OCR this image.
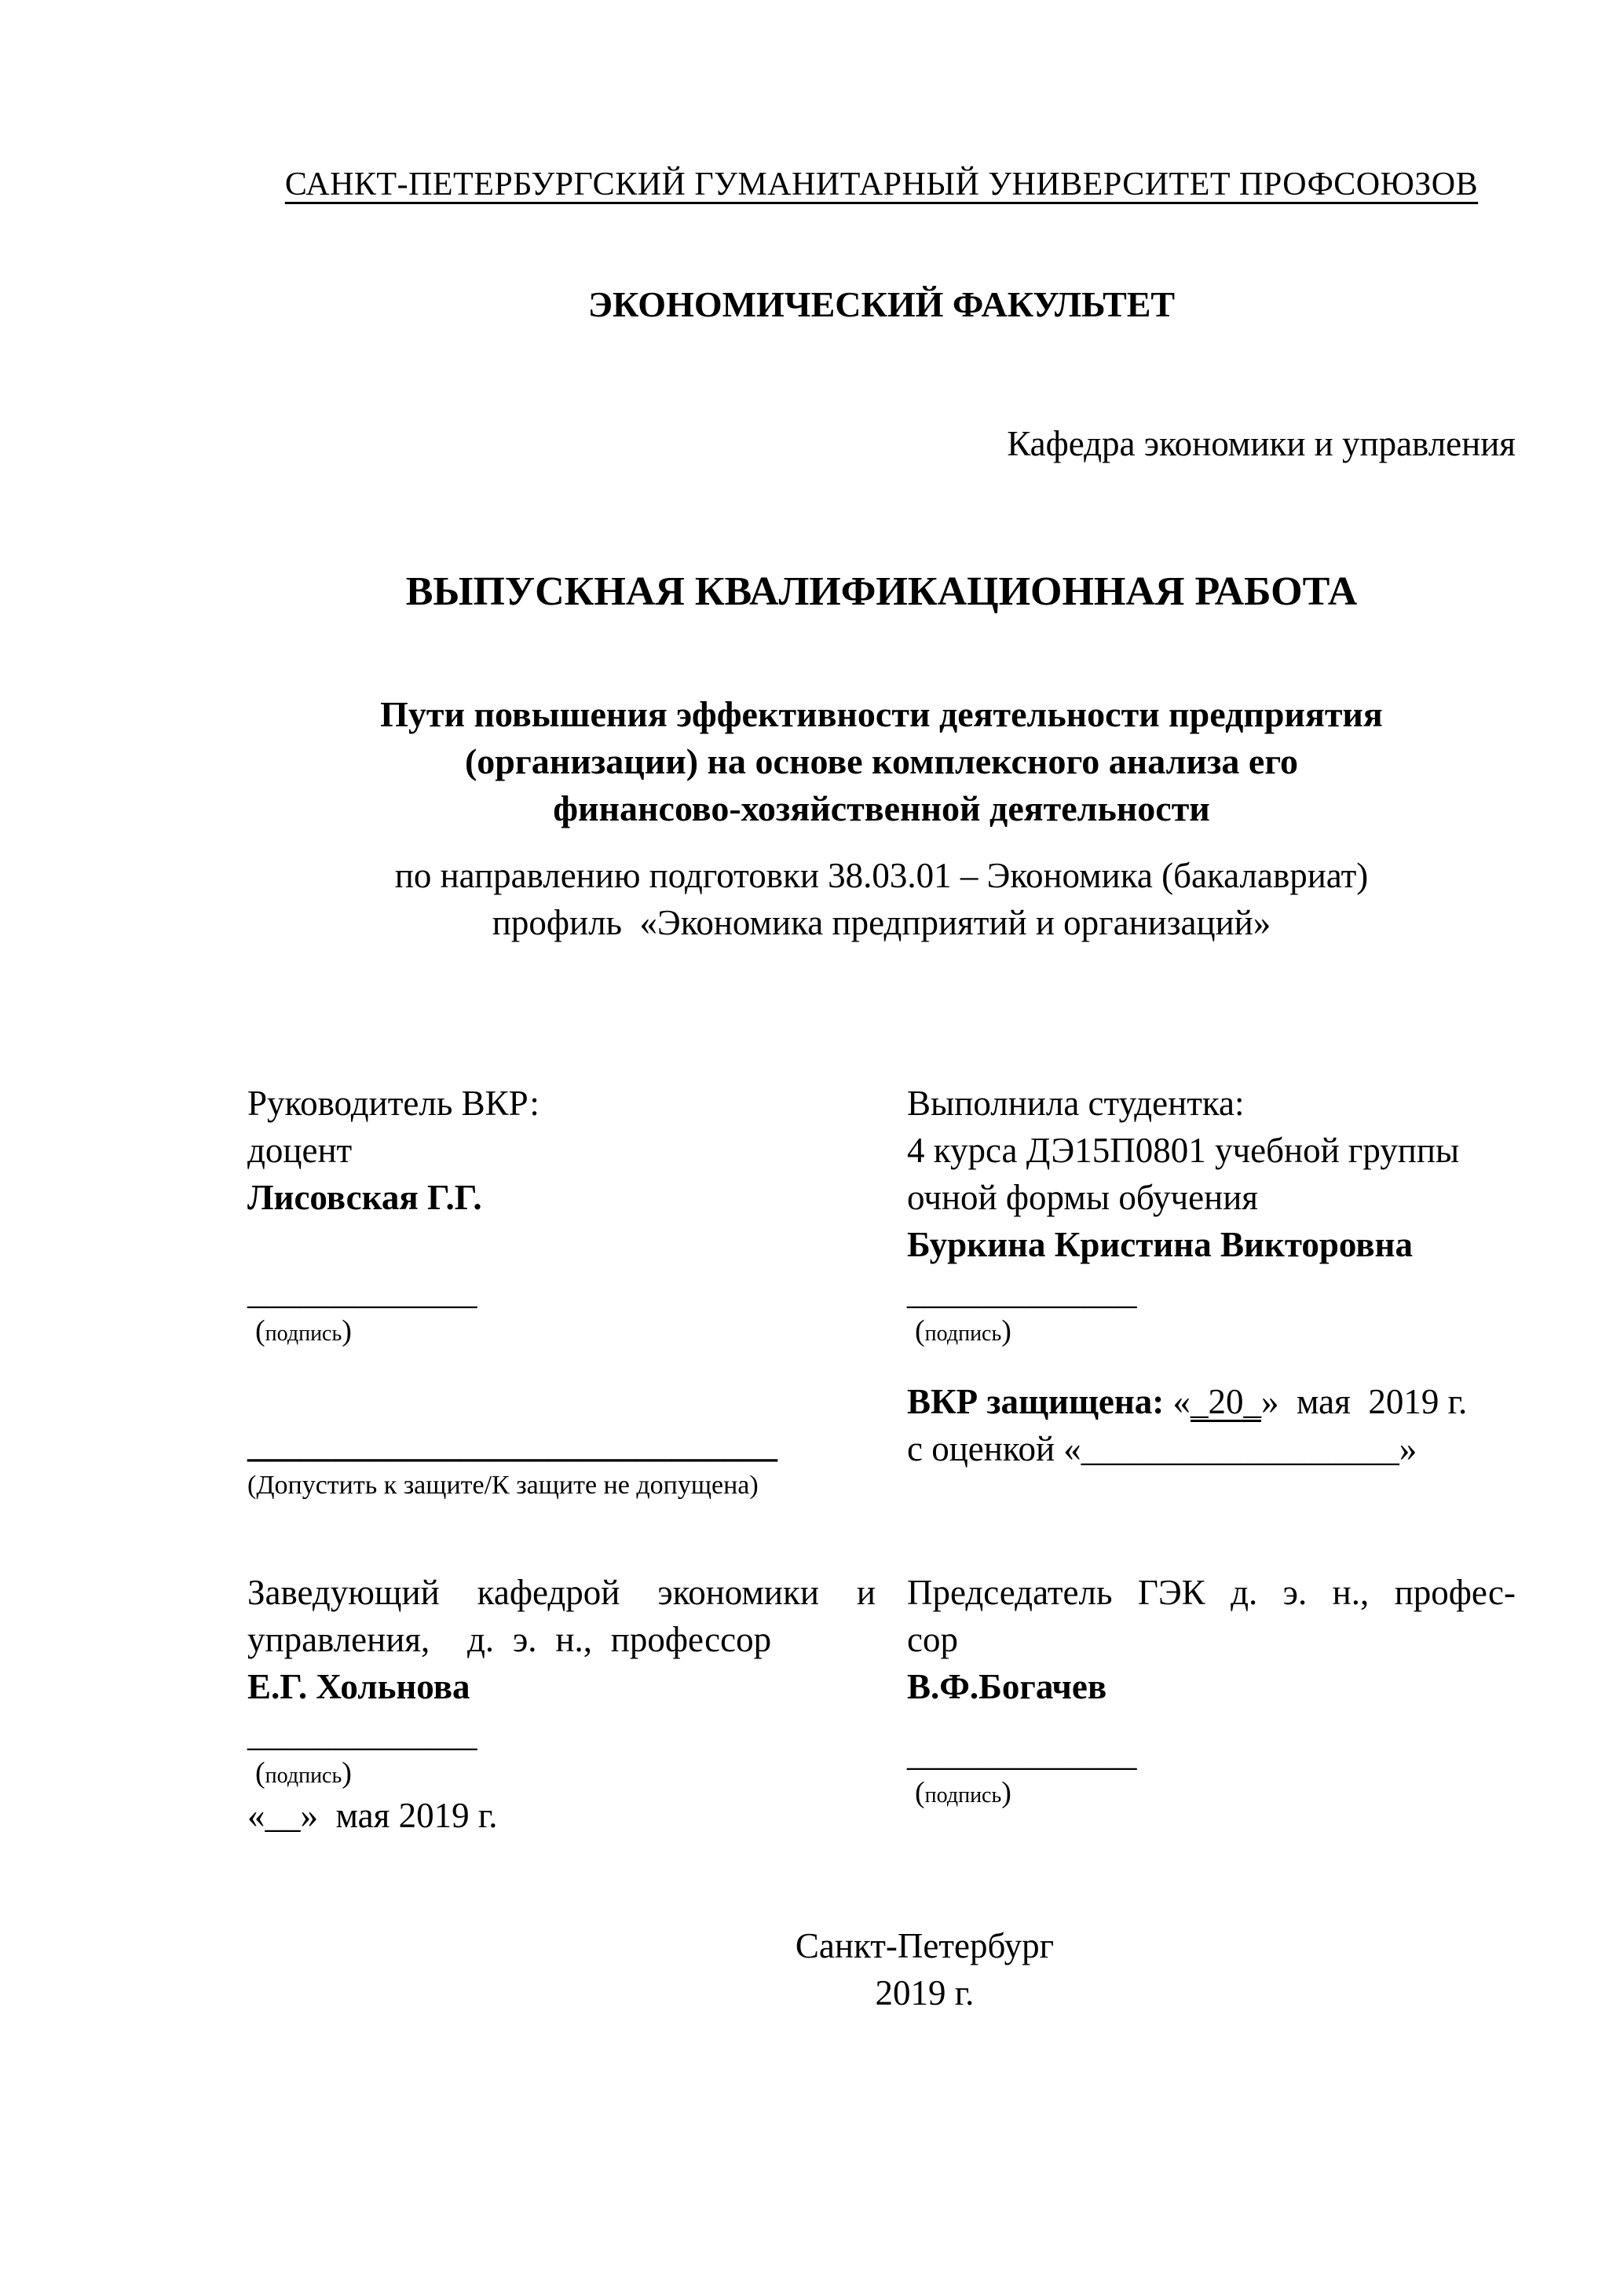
САНКТ-ПЕТЕРБУРГСКИЙ ГУМАНИТАРНЫЙ УНИВЕРСИТЕТ ПРОФСОЮЗОВ
ЭКОНОМИЧЕСКИЙ ФАКУЛЬТЕТ
Кафедра экономики и управления
ВЫПУСКНАЯ КВАЛИФИКАЦИОННАЯ РАБОТА
Пути повышения эффективности деятельности предприятия
(организации) на основе комплексного анализа его
финансово-хозяйственной деятельности
по направлению подготовки 38.03.01 – Экономика (бакалавриат)
профиль  «Экономика предприятий и организаций»
Руководитель ВКР:
доцент
Лисовская Г.Г.
_____________
(подпись)
Выполнила студентка:
4 курса ДЭ15П0801 учебной группы
очной формы обучения
Буркина Кристина Викторовна
_____________
(подпись)
______________________________
(Допустить к защите/К защите не допущена)
ВКР защищена: «_20_»  мая  2019 г.
с оценкой «__________________»
Заведующий кафедрой экономики и
управления,  д. э. н., профессор
Е.Г. Хольнова
_____________
(подпись)
«__»  мая 2019 г.
Председатель ГЭК д. э. н., профес-
сор
В.Ф.Богачев
_____________
(подпись)
Санкт-Петербург
2019 г.
